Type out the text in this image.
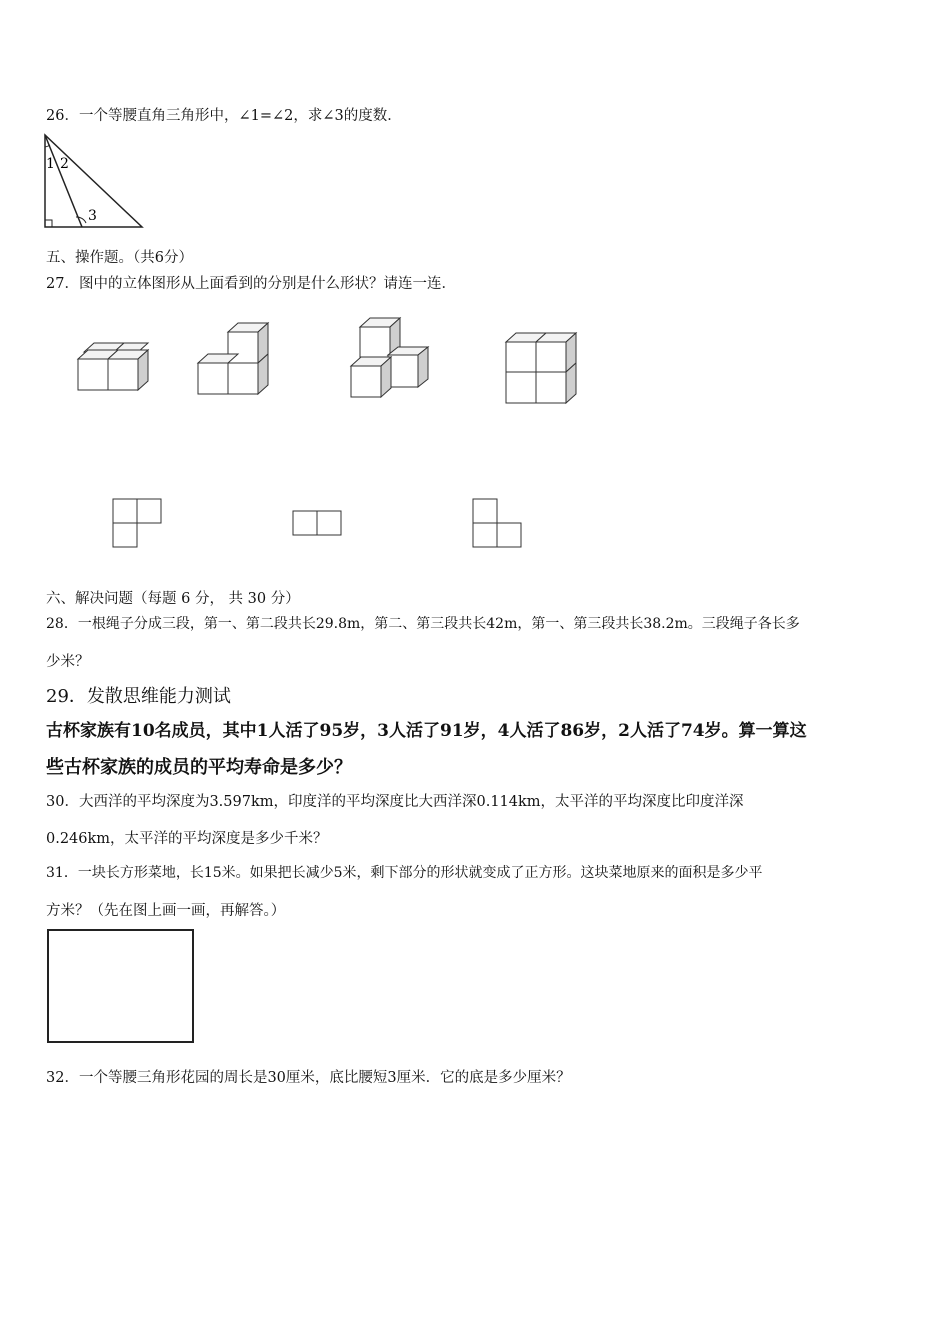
26．一个等腰直角三角形中，∠1=∠2，求∠3的度数．
1 2
3
五、操作题。（共6分）
27．图中的立体图形从上面看到的分别是什么形状？请连一连．
六、解决问题（每题 6 分， 共 30 分）
28．一根绳子分成三段，第一、第二段共长29.8m，第二、第三段共长42m，第一、第三段共长38.2m。三段绳子各长多
少米？
29．发散思维能力测试
古杯家族有10名成员，其中1人活了95岁，3人活了91岁，4人活了86岁，2人活了74岁。算一算这
些古杯家族的成员的平均寿命是多少？
30．大西洋的平均深度为3.597km，印度洋的平均深度比大西洋深0.114km，太平洋的平均深度比印度洋深
0.246km，太平洋的平均深度是多少千米？
31．一块长方形菜地，长15米。如果把长减少5米，剩下部分的形状就变成了正方形。这块菜地原来的面积是多少平
方米？（先在图上画一画，再解答。）
32．一个等腰三角形花园的周长是30厘米，底比腰短3厘米．它的底是多少厘米？
